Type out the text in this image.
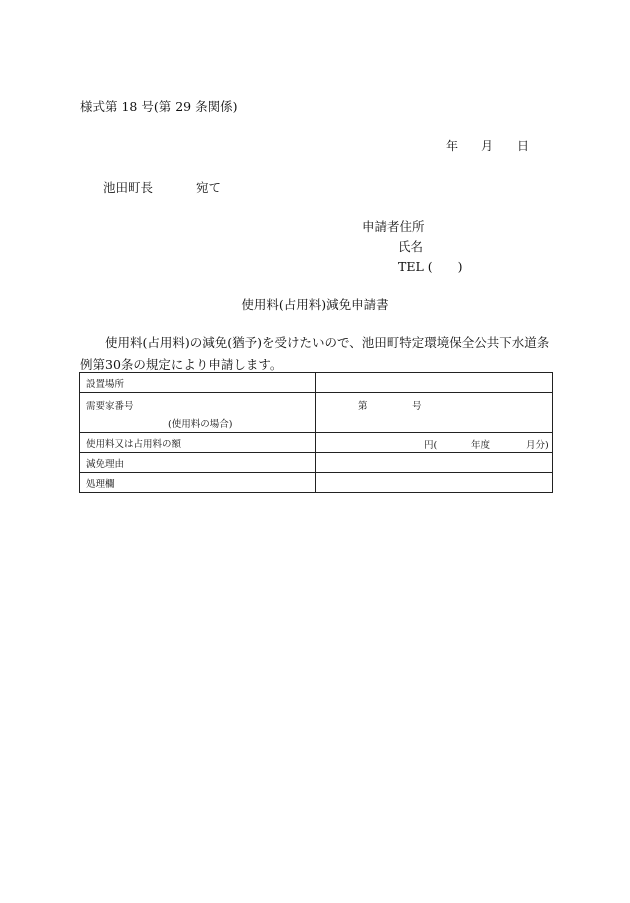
様式第 18 号(第 29 条関係)
年 月 日
池田町長	宛て
申請者住所
氏名
TEL (　　)
使用料(占用料)減免申請書
使用料(占用料)の減免(猶予)を受けたいので、池田町特定環境保全公共下水道条例第30条の規定により申請します。
設置場所	

需要家番号
(使用料の場合)	第 号

使用料又は占用料の額	円( 年度 月分)

減免理由	
処理欄	
